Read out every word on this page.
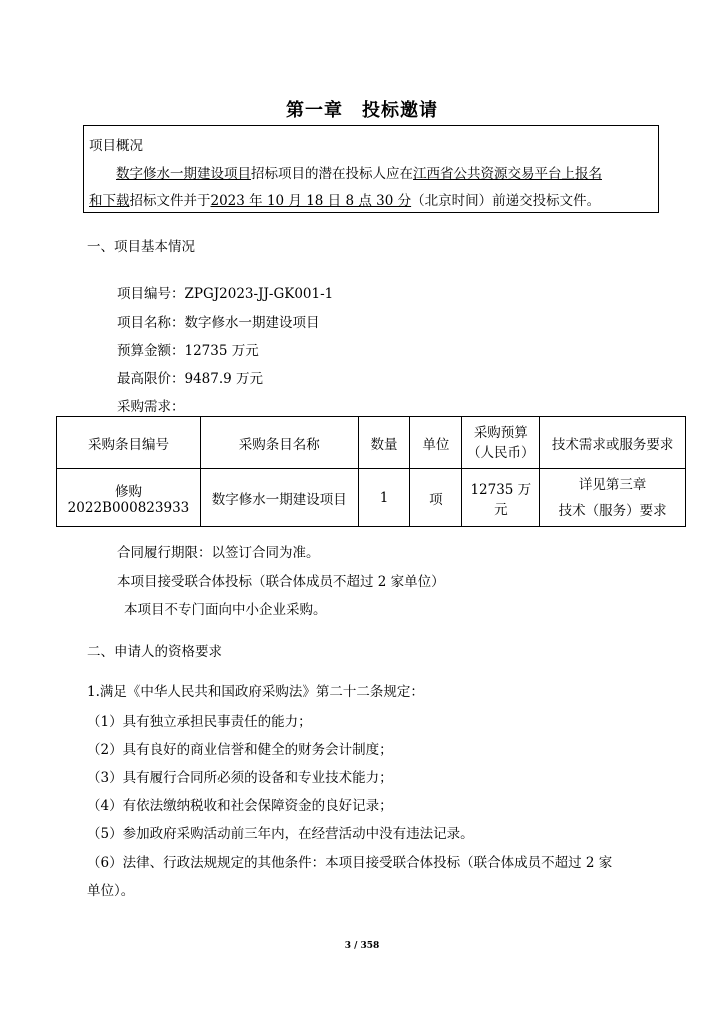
第一章　投标邀请
项目概况
数字修水一期建设项目招标项目的潜在投标人应在江西省公共资源交易平台上报名
和下载招标文件并于2023 年 10 月 18 日 8 点 30 分（北京时间）前递交投标文件。
一、项目基本情况
项目编号：ZPGJ2023-JJ-GK001-1
项目名称：数字修水一期建设项目
预算金额：12735 万元
最高限价：9487.9 万元
采购需求：
采购条目编号	采购条目名称	数量	单位	采购预算
（人民币）	技术需求或服务要求
修购 2022B000823933	数字修水一期建设项目	1	项	12735 万元	详见第三章
技术（服务）要求
合同履行期限：以签订合同为准。
本项目接受联合体投标（联合体成员不超过 2 家单位）
本项目不专门面向中小企业采购。
二、申请人的资格要求
1.满足《中华人民共和国政府采购法》第二十二条规定：
（1）具有独立承担民事责任的能力；
（2）具有良好的商业信誉和健全的财务会计制度；
（3）具有履行合同所必须的设备和专业技术能力；
（4）有依法缴纳税收和社会保障资金的良好记录；
（5）参加政府采购活动前三年内，在经营活动中没有违法记录。
（6）法律、行政法规规定的其他条件：本项目接受联合体投标（联合体成员不超过 2 家
单位）。
3 / 358
